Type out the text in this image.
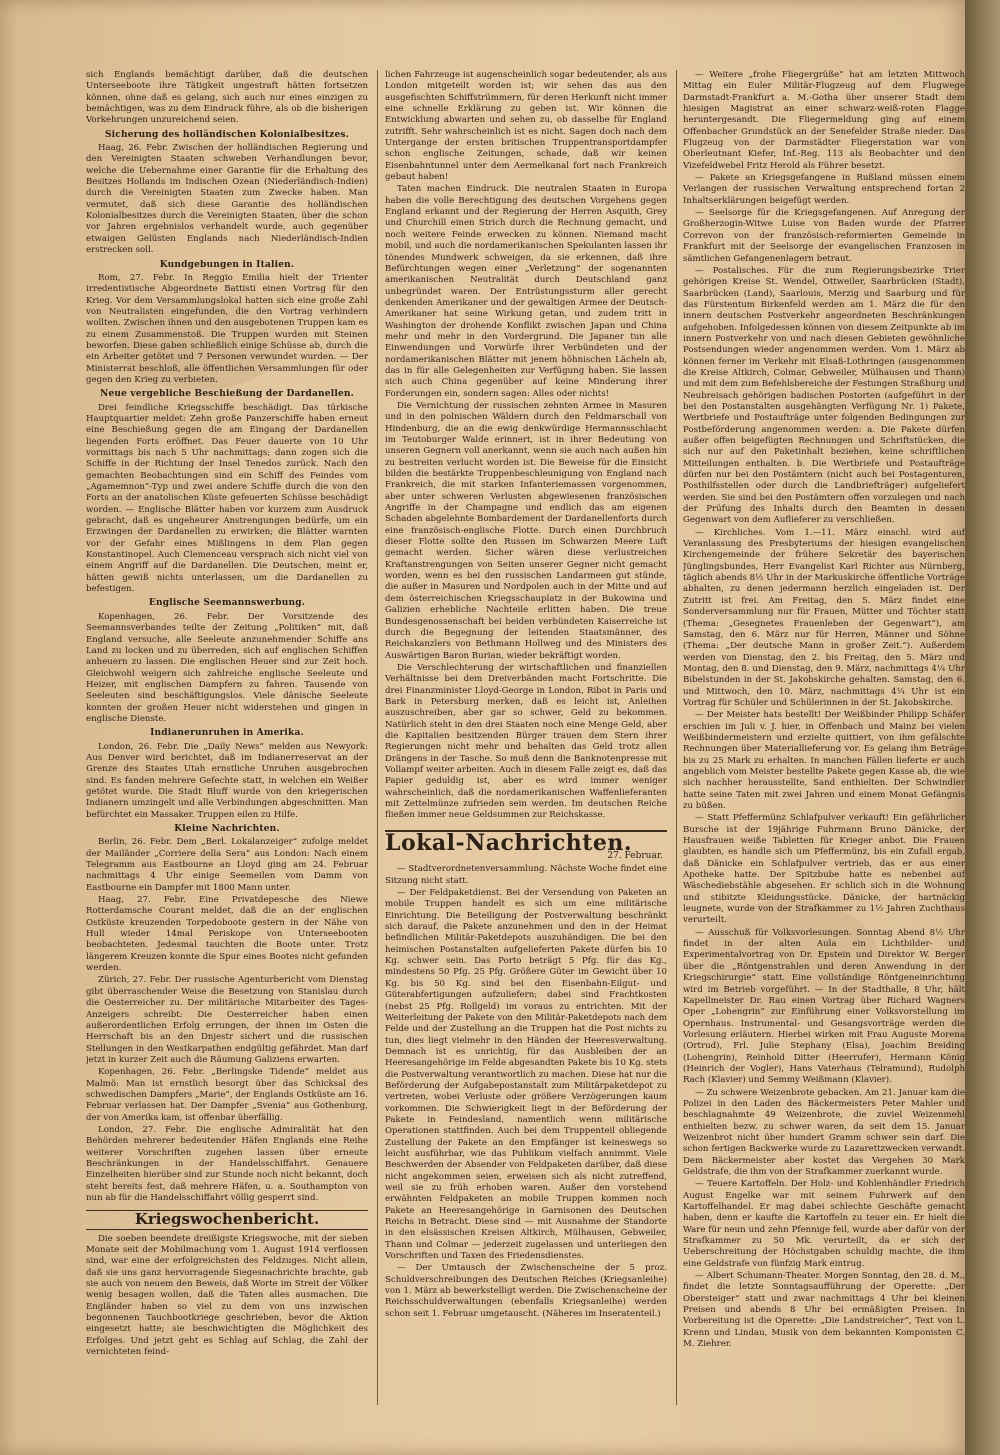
sich Englands bemächtigt darüber, daß die deutschen Unterseeboote ihre Tätigkeit ungestraft hätten fortsetzen können, ohne daß es gelang, sich auch nur eines einzigen zu bemächtigen, was zu dem Eindruck führe, als ob die bisherigen Vorkehrungen unzureichend seien.

Sicherung des holländischen Kolonialbesitzes.

Haag, 26. Febr. Zwischen der holländischen Regierung und den Vereinigten Staaten schweben Verhandlungen bevor, welche die Uebernahme einer Garantie für die Erhaltung des Besitzes Hollands im Indischen Ozean (Niederländisch-Indien) durch die Vereinigten Staaten zum Zwecke haben. Man vermutet, daß sich diese Garantie des holländischen Kolonialbesitzes durch die Vereinigten Staaten, über die schon vor Jahren ergebnislos verhandelt wurde, auch gegenüber etwaigen Gelüsten Englands nach Niederländisch-Indien erstrecken soll.

Kundgebungen in Italien.

Rom, 27. Febr. In Reggio Emilia hielt der Trienter irredentistische Abgeordnete Battisti einen Vortrag für den Krieg. Vor dem Versammlungslokal hatten sich eine große Zahl von Neutralisten eingefunden, die den Vortrag verhindern wollten. Zwischen ihnen und den ausgebotenen Truppen kam es zu einem Zusammenstoß. Die Truppen wurden mit Steinen beworfen. Diese gaben schließlich einige Schüsse ab, durch die ein Arbeiter getötet und 7 Personen verwundet wurden. — Der Ministerrat beschloß, alle öffentlichen Versammlungen für oder gegen den Krieg zu verbieten.

Neue vergebliche Beschießung der Dardanellen.

Drei feindliche Kriegsschiffe beschädigt. Das türkische Hauptquartier meldet: Zehn große Panzerschiffe haben erneut eine Beschießung gegen die am Eingang der Dardanellen liegenden Forts eröffnet. Das Feuer dauerte von 10 Uhr vormittags bis nach 5 Uhr nachmittags; dann zogen sich die Schiffe in der Richtung der Insel Tenedos zurück. Nach den gemachten Beobachtungen sind ein Schiff des Feindes vom „Agamemnon“-Typ und zwei andere Schiffe durch die von den Forts an der anatolischen Küste gefeuerten Schüsse beschädigt worden. — Englische Blätter haben vor kurzem zum Ausdruck gebracht, daß es ungeheurer Anstrengungen bedürfe, um ein Erzwingen der Dardanellen zu erwirken; die Blätter warnten vor der Gefahr eines Mißlingens in dem Plan gegen Konstantinopel. Auch Clemenceau versprach sich nicht viel von einem Angriff auf die Dardanellen. Die Deutschen, meint er, hätten gewiß nichts unterlassen, um die Dardanellen zu befestigen.

Englische Seemannswerbung.

Kopenhagen, 26. Febr. Der Vorsitzende des Seemannsverbandes teilte der Zeitung „Politiken“ mit, daß England versuche, alle Seeleute anzunehmender Schiffe ans Land zu locken und zu überreden, sich auf englischen Schiffen anheuern zu lassen. Die englischen Heuer sind zur Zeit hoch. Gleichwohl weigern sich zahlreiche englische Seeleute und Heizer, mit englischen Dampfern zu fahren. Tausende von Seeleuten sind beschäftigungslos. Viele dänische Seeleute konnten der großen Heuer nicht widerstehen und gingen in englische Dienste.

Indianerunruhen in Amerika.

London, 26. Febr. Die „Daily News“ melden aus Newyork: Aus Denver wird berichtet, daß im Indianerreservat an der Grenze des Staates Utah ernstliche Unruhen ausgebrochen sind. Es fanden mehrere Gefechte statt, in welchen ein Weißer getötet wurde. Die Stadt Bluff wurde von den kriegerischen Indianern umzingelt und alle Verbindungen abgeschnitten. Man befürchtet ein Massaker. Truppen eilen zu Hilfe.

Kleine Nachrichten.

Berlin, 26. Febr. Dem „Berl. Lokalanzeiger“ zufolge meldet der Mailänder „Corriere della Sera“ aus London: Nach einem Telegramm aus Eastbourne an Lloyd ging am 24. Februar nachmittags 4 Uhr einige Seemeilen vom Damm von Eastbourne ein Dampfer mit 1800 Mann unter.

Haag, 27. Febr. Eine Privatdepesche des Niewe Rotterdamsche Courant meldet, daß die an der englischen Ostküste kreuzenden Torpedoboote gestern in der Nähe von Hull wieder 14mal Periskope von Unterseebooten beobachteten. Jedesmal tauchten die Boote unter. Trotz längerem Kreuzen konnte die Spur eines Bootes nicht gefunden werden.

Zürich, 27. Febr. Der russische Agenturbericht vom Dienstag gibt überraschender Weise die Besetzung von Stanislau durch die Oesterreicher zu. Der militärische Mitarbeiter des Tages-Anzeigers schreibt: Die Oesterreicher haben einen außerordentlichen Erfolg errungen, der ihnen im Osten die Herrschaft bis an den Dnjestr sichert und die russischen Stellungen in den Westkarpathen endgültig gefährdet. Man darf jetzt in kurzer Zeit auch die Räumung Galiziens erwarten.

Kopenhagen, 26. Febr. „Berlingske Tidende“ meldet aus Malmö: Man ist ernstlich besorgt über das Schicksal des schwedischen Dampfers „Marie“, der Englands Ostküste am 16. Februar verlassen hat. Der Dampfer „Svenia“ aus Gothenburg, der von Amerika kam, ist offenbar überfällig.

London, 27. Febr. Die englische Admiralität hat den Behörden mehrerer bedeutender Häfen Englands eine Reihe weiterer Vorschriften zugehen lassen über erneute Beschränkungen in der Handelsschiffahrt. Genauere Einzelheiten hierüber sind zur Stunde noch nicht bekannt, doch steht bereits fest, daß mehrere Häfen, u. a. Southampton von nun ab für die Handelsschiffahrt völlig gesperrt sind.

Kriegswochenbericht.

Die soeben beendete dreißigste Kriegswoche, mit der sieben Monate seit der Mobilmachung vom 1. August 1914 verflossen sind, war eine der erfolgreichsten des Feldzuges. Nicht allein, daß sie uns ganz hervorragende Siegesnachrichte brachte, gab sie auch von neuem den Beweis, daß Worte im Streit der Völker wenig besagen wollen, daß die Taten alles ausmachen. Die Engländer haben so viel zu dem von uns inzwischen begonnenen Tauchbootkriege geschrieben, bevor die Aktion eingesetzt hatte; sie beschwichtigten die Möglichkeit des Erfolges. Und jetzt geht es Schlag auf Schlag, die Zahl der vernichteten feind-

lichen Fahrzeuge ist augenscheinlich sogar bedeutender, als aus London mitgeteilt worden ist; wir sehen das aus den ausgefischten Schiffstrümmern, für deren Herkunft nicht immer eine schnelle Erklärung zu geben ist. Wir können die Entwicklung abwarten und sehen zu, ob dasselbe für England zutrifft. Sehr wahrscheinlich ist es nicht. Sagen doch nach dem Untergange der ersten britischen Truppentransportdampfer schon englische Zeitungen, schade, daß wir keinen Eisenbahntunnel unter dem Aermelkanal fort nach Frankreich gebaut haben!

Taten machen Eindruck. Die neutralen Staaten in Europa haben die volle Berechtigung des deutschen Vorgehens gegen England erkannt und der Regierung der Herren Asquith, Grey und Churchill einen Strich durch die Rechnung gemacht, und noch weitere Feinde erwecken zu können. Niemand macht mobil, und auch die nordamerikanischen Spekulanten lassen ihr tönendes Mundwerk schweigen, da sie erkennen, daß ihre Befürchtungen wegen einer „Verletzung“ der sogenannten amerikanischen Neutralität durch Deutschland ganz unbegründet waren. Der Entrüstungssturm aller gerecht denkenden Amerikaner und der gewaltigen Armee der Deutsch-Amerikaner hat seine Wirkung getan, und zudem tritt in Washington der drohende Konflikt zwischen Japan und China mehr und mehr in den Vordergrund. Die Japaner tun alle Einwendungen und Vorwürfe ihrer Verbündeten und der nordamerikanischen Blätter mit jenem höhnischen Lächeln ab, das in für alle Gelegenheiten zur Verfügung haben. Sie lassen sich auch China gegenüber auf keine Minderung ihrer Forderungen ein, sondern sagen: Alles oder nichts!

Die Vernichtung der russischen zehnten Armee in Masuren und in den polnischen Wäldern durch den Feldmarschall von Hindenburg, die an die ewig denkwürdige Hermannsschlacht im Teutoburger Walde erinnert, ist in ihrer Bedeutung von unseren Gegnern voll anerkannt, wenn sie auch nach außen hin zu bestreiten verlucht worden ist. Die Beweise für die Einsicht bilden die bestärkte Truppenbeschleunigung von England nach Frankreich, die mit starken Infanteriemassen vorgenommen, aber unter schweren Verlusten abgewiesenen französischen Angriffe in der Champagne und endlich das am eigenen Schaden abgelehnte Bombardement der Dardanellenforts durch eine französisch-englische Flotte. Durch einen Durchbruch dieser Flotte sollte den Russen im Schwarzen Meere Luft gemacht werden. Sicher wären diese verlustreichen Kraftanstrengungen von Seiten unserer Gegner nicht gemacht worden, wenn es bei den russischen Landarmeen gut stünde, die außer in Masuren und Nordpolen auch in der Mitte und auf dem österreichischen Kriegsschauplatz in der Bukowina und Galizien erhebliche Nachteile erlitten haben. Die treue Bundesgenossenschaft bei beiden verbündeten Kaiserreiche ist durch die Begegnung der leitenden Staatsmänner, des Reichskanzlers von Bethmann Hollweg und des Ministers des Auswärtigen Baron Burian, wieder bekräftigt worden.

Die Verschlechterung der wirtschaftlichen und finanziellen Verhältnisse bei dem Dreiverbänden macht Fortschritte. Die drei Finanzminister Lloyd-George in London, Ribot in Paris und Bark in Petersburg merken, daß es leicht ist, Anleihen auszuschreiben, aber gar so schwer, Geld zu bekommen. Natürlich steht in den drei Staaten noch eine Menge Geld, aber die Kapitalien besitzenden Bürger trauen dem Stern ihrer Regierungen nicht mehr und behalten das Geld trotz allen Drängens in der Tasche. So muß denn die Banknotenpresse mit Vollampf weiter arbeiten. Auch in diesem Falle zeigt es, daß das Papier geduldig ist, aber es wird immer weniger wahrscheinlich, daß die nordamerikanischen Waffenlieferanten mit Zettelmünze zufrieden sein werden. Im deutschen Reiche fließen immer neue Geldsummen zur Reichskasse.

Lokal-Nachrichten.
27. Februar.

— Stadtverordnetenversammlung. Nächste Woche findet eine Sitzung nicht statt.

— Der Feldpaketdienst. Bei der Versendung von Paketen an mobile Truppen handelt es sich um eine militärische Einrichtung. Die Beteiligung der Postverwaltung beschränkt sich darauf, die Pakete anzunehmen und den in der Heimat befindlichen Militär-Paketdepots auszuhändigen. Die bei den heimischen Postanstalten aufgelieferten Pakete dürfen bis 10 Kg. schwer sein. Das Porto beträgt 5 Pfg. für das Kg., mindestens 50 Pfg. 25 Pfg. Größere Güter im Gewicht über 10 Kg. bis 50 Kg. sind bei den Eisenbahn-Eilgut- und Güterabfertigungen aufzuliefern; dabei sind Frachtkosten (nebst 25 Pfg. Rollgeld) im voraus zu entrichten. Mit der Weiterleitung der Pakete von den Militär-Paketdepots nach dem Felde und der Zustellung an die Truppen hat die Post nichts zu tun, dies liegt vielmehr in den Händen der Heeresverwaltung. Demnach ist es unrichtig, für das Ausbleiben der an Heeresangehörige im Felde abgesandten Pakete bis 10 Kg. stets die Postverwaltung verantwortlich zu machen. Diese hat nur die Beförderung der Aufgabepostanstalt zum Militärpaketdepot zu vertreten, wobei Verluste oder größere Verzögerungen kaum vorkommen. Die Schwierigkeit liegt in der Beförderung der Pakete in Feindesland, namentlich wenn militärische Operationen stattfinden. Auch bei dem Truppenteil obliegende Zustellung der Pakete an den Empfänger ist keineswegs so leicht ausführbar, wie das Publikum vielfach annimmt. Viele Beschwerden der Absender von Feldpaketen darüber, daß diese nicht angekommen seien, erweisen sich als nicht zutreffend, weil sie zu früh erhoben waren. Außer den vorstehend erwähnten Feldpaketen an mobile Truppen kommen noch Pakete an Heeresangehörige in Garnisonen des Deutschen Reichs in Betracht. Diese sind — mit Ausnahme der Standorte in den elsässischen Kreisen Altkirch, Mülhausen, Gebweiler, Thann und Colmar — jederzeit zugelassen und unterliegen den Vorschriften und Taxen des Friedensdienstes.

— Der Umtausch der Zwischenscheine der 5 proz. Schuldverschreibungen des Deutschen Reiches (Kriegsanleihe) von 1. März ab bewerkstelligt werden. Die Zwischenscheine der Reichsschuldverwaltungen (ebenfalls Kriegsanleihe) werden schon seit 1. Februar umgetauscht. (Näheres im Inseratenteil.)

— Weitere „frohe Fliegergrüße“ hat am letzten Mittwoch Mittag ein Euler Militär-Flugzeug auf dem Flugwege Darmstadt-Frankfurt a. M.-Gotha über unserer Stadt dem hiesigen Magistrat an einer schwarz-weiß-roten Flagge heruntergesandt. Die Fliegermeldung ging auf einem Offenbacher Grundstück an der Senefelder Straße nieder. Das Flugzeug von der Darmstädter Fliegerstation war von Oberleutnant Kiefer, Inf.-Reg. 113 als Beobachter und den Vizefeldwebel Fritz Herold als Führer besetzt.

— Pakete an Kriegsgefangene in Rußland müssen einem Verlangen der russischen Verwaltung entsprechend fortan 2 Inhaltserklärungen beigefügt werden.

— Seelsorge für die Kriegsgefangenen. Auf Anregung der Großherzogin-Witwe Luise von Baden wurde der Pfarrer Correvon von der französisch-reformierten Gemeinde in Frankfurt mit der Seelsorge der evangelischen Franzosen in sämtlichen Gefangenenlagern betraut.

— Postalisches. Für die zum Regierungsbezirke Trier gehörigen Kreise St. Wendel, Ottweiler, Saarbrücken (Stadt), Saarbrücken (Land), Saarlouis, Merzig und Saarburg und für das Fürstentum Birkenfeld werden am 1. März die für den innern deutschen Postverkehr angeordneten Beschränkungen aufgehoben. Infolgedessen können von diesem Zeitpunkte ab im innern Postverkehr von und nach diesen Gebieten gewöhnliche Postsendungen wieder angenommen werden. Vom 1. März ab können ferner im Verkehr mit Elsaß-Lothringen (ausgenommen die Kreise Altkirch, Colmar, Gebweiler, Mülhausen und Thann) und mit dem zum Befehlsbereiche der Festungen Straßburg und Neubreisach gehörigen badischen Postorten (aufgeführt in der bei den Postanstalten ausgehängten Verfügung Nr. 1) Pakete, Wertbriefe und Postaufträge unter folgenden Bedingungen zur Postbeförderung angenommen werden: a. Die Pakete dürfen außer offen beigefügten Rechnungen und Schriftstücken, die sich nur auf den Paketinhalt beziehen, keine schriftlichen Mitteilungen enthalten. b. Die Wertbriefe und Postaufträge dürfen nur bei den Postämtern (nicht auch bei Postagenturen, Posthilfsstellen oder durch die Landbriefträger) aufgeliefert werden. Sie sind bei den Postämtern offen vorzulegen und nach der Prüfung des Inhalts durch den Beamten in dessen Gegenwart von dem Auflieferer zu verschließen.

— Kirchliches. Vom 1.—11. März einschl. wird auf Veranlassung des Presbyteriums der hiesigen evangelischen Kirchengemeinde der frühere Sekretär des bayerischen Jünglingsbundes, Herr Evangelist Karl Richter aus Nürnberg, täglich abends 8½ Uhr in der Markuskirche öffentliche Vorträge abhalten, zu denen jedermann herzlich eingeladen ist. Der Zutritt ist frei. Am Freitag, den 5. März findet eine Sonderversammlung nur für Frauen, Mütter und Töchter statt (Thema: „Gesegnetes Frauenleben der Gegenwart“), am Samstag, den 6. März nur für Herren, Männer und Söhne (Thema: „Der deutsche Mann in großer Zeit.“). Außerdem werden von Dienstag, den 2. bis Freitag, den 5. März und Montag, den 8. und Dienstag, den 9. März, nachmittags 4¼ Uhr Bibelstunden in der St. Jakobskirche gehalten. Samstag, den 6. und Mittwoch, den 10. März, nachmittags 4¼ Uhr ist ein Vortrag für Schüler und Schülerinnen in der St. Jakobskirche.

— Der Meister hats bestellt! Der Weißbinder Philipp Schäfer erschien im Juli v. J. hier, in Offenbach und Mainz bei vielen Weißbindermeistern und erzielte quittiert, von ihm gefälschte Rechnungen über Materiallieferung vor. Es gelang ihm Beträge bis zu 25 Mark zu erhalten. In manchen Fällen lieferte er auch angeblich vom Meister bestellte Pakete gegen Kasse ab, die wie sich nachher herausstellte, Sand enthielten. Der Schwindler hatte seine Taten mit zwei Jahren und einem Monat Gefängnis zu büßen.

— Statt Pfeffermünz Schlafpulver verkauft! Ein gefährlicher Bursche ist der 19jährige Fuhrmann Bruno Dänicke, der Hausfrauen weiße Tabletten für Krieger anbot. Die Frauen glaubten, es handle sich um Pfeffermünz, bis ein Zufall ergab, daß Dänicke ein Schlafpulver vertrieb, das er aus einer Apotheke hatte. Der Spitzbube hatte es nebenbei auf Wäschediebstähle abgesehen. Er schlich sich in die Wohnung und stibitzte Kleidungsstücke. Dänicke, der hartnäckig leugnete, wurde von der Strafkammer zu 1½ Jahren Zuchthaus verurteilt.

— Ausschuß für Volksvorlesungen. Sonntag Abend 8½ Uhr findet in der alten Aula ein Lichtbilder- und Experimentalvortrag von Dr. Epstein und Direktor W. Berger über die „Röntgenstrahlen und deren Anwendung in der Kriegschirurgie“ statt. Eine vollständige Röntgeneinrichtung wird im Betrieb vorgeführt. — In der Stadthalle, 8 Uhr, hält Kapellmeister Dr. Rau einen Vortrag über Richard Wagners Oper „Lohengrin“ zur Einführung einer Volksvorstellung im Opernhaus. Instrumental- und Gesangsvorträge werden die Vorlesung erläutern. Hierbei wirken mit Frau Auguste Morena (Ortrud), Frl. Julie Stephany (Elsa), Joachim Breiding (Lohengrin), Reinhold Ditter (Heerrufer), Hermann König (Heinrich der Vogler), Hans Vaterhaus (Telramund), Rudolph Rach (Klavier) und Semmy Weißmann (Klavier).

— Zu schwere Weizenbrote gebacken. Am 21. Januar kam die Polizei in den Laden des Bäckermeisters Peter Mahler und beschlagnahmte 49 Weizenbrote, die zuviel Weizenmehl enthielten bezw. zu schwer waren, da seit dem 15. Januar Weizenbrot nicht über hundert Gramm schwer sein darf. Die schon fertigen Backwerke wurde zu Lazarettzwecken verwandt. Dem Bäckermeister aber kostet das Vergehen 30 Mark Geldstrafe, die ihm von der Strafkammer zuerkannt wurde.

— Teuere Kartoffeln. Der Holz- und Kohlenhändler Friedrich August Engelke war mit seinem Fuhrwerk auf den Kartoffelhandel. Er mag dabei schlechte Geschäfte gemacht haben, denn er kaufte die Kartoffeln zu teuer ein. Er hielt die Ware für neun und zehn Pfennige feil, wurde aber dafür von der Strafkammer zu 50 Mk. verurteilt, da er sich der Ueberschreitung der Höchstgaben schuldig machte, die ihm eine Geldstrafe von fünfzig Mark eintrug.

— Albert Schumann-Theater. Morgen Sonntag, den 28. d. M., findet die letzte Sonntagsaufführung der Operette: „Der Obersteiger“ statt und zwar nachmittags 4 Uhr bei kleinen Preisen und abends 8 Uhr bei ermäßigten Preisen. In Vorbereitung ist die Operette: „Die Landstreicher“, Text von L. Krenn und Lindau, Musik von dem bekannten Komponisten C. M. Ziehrer.
